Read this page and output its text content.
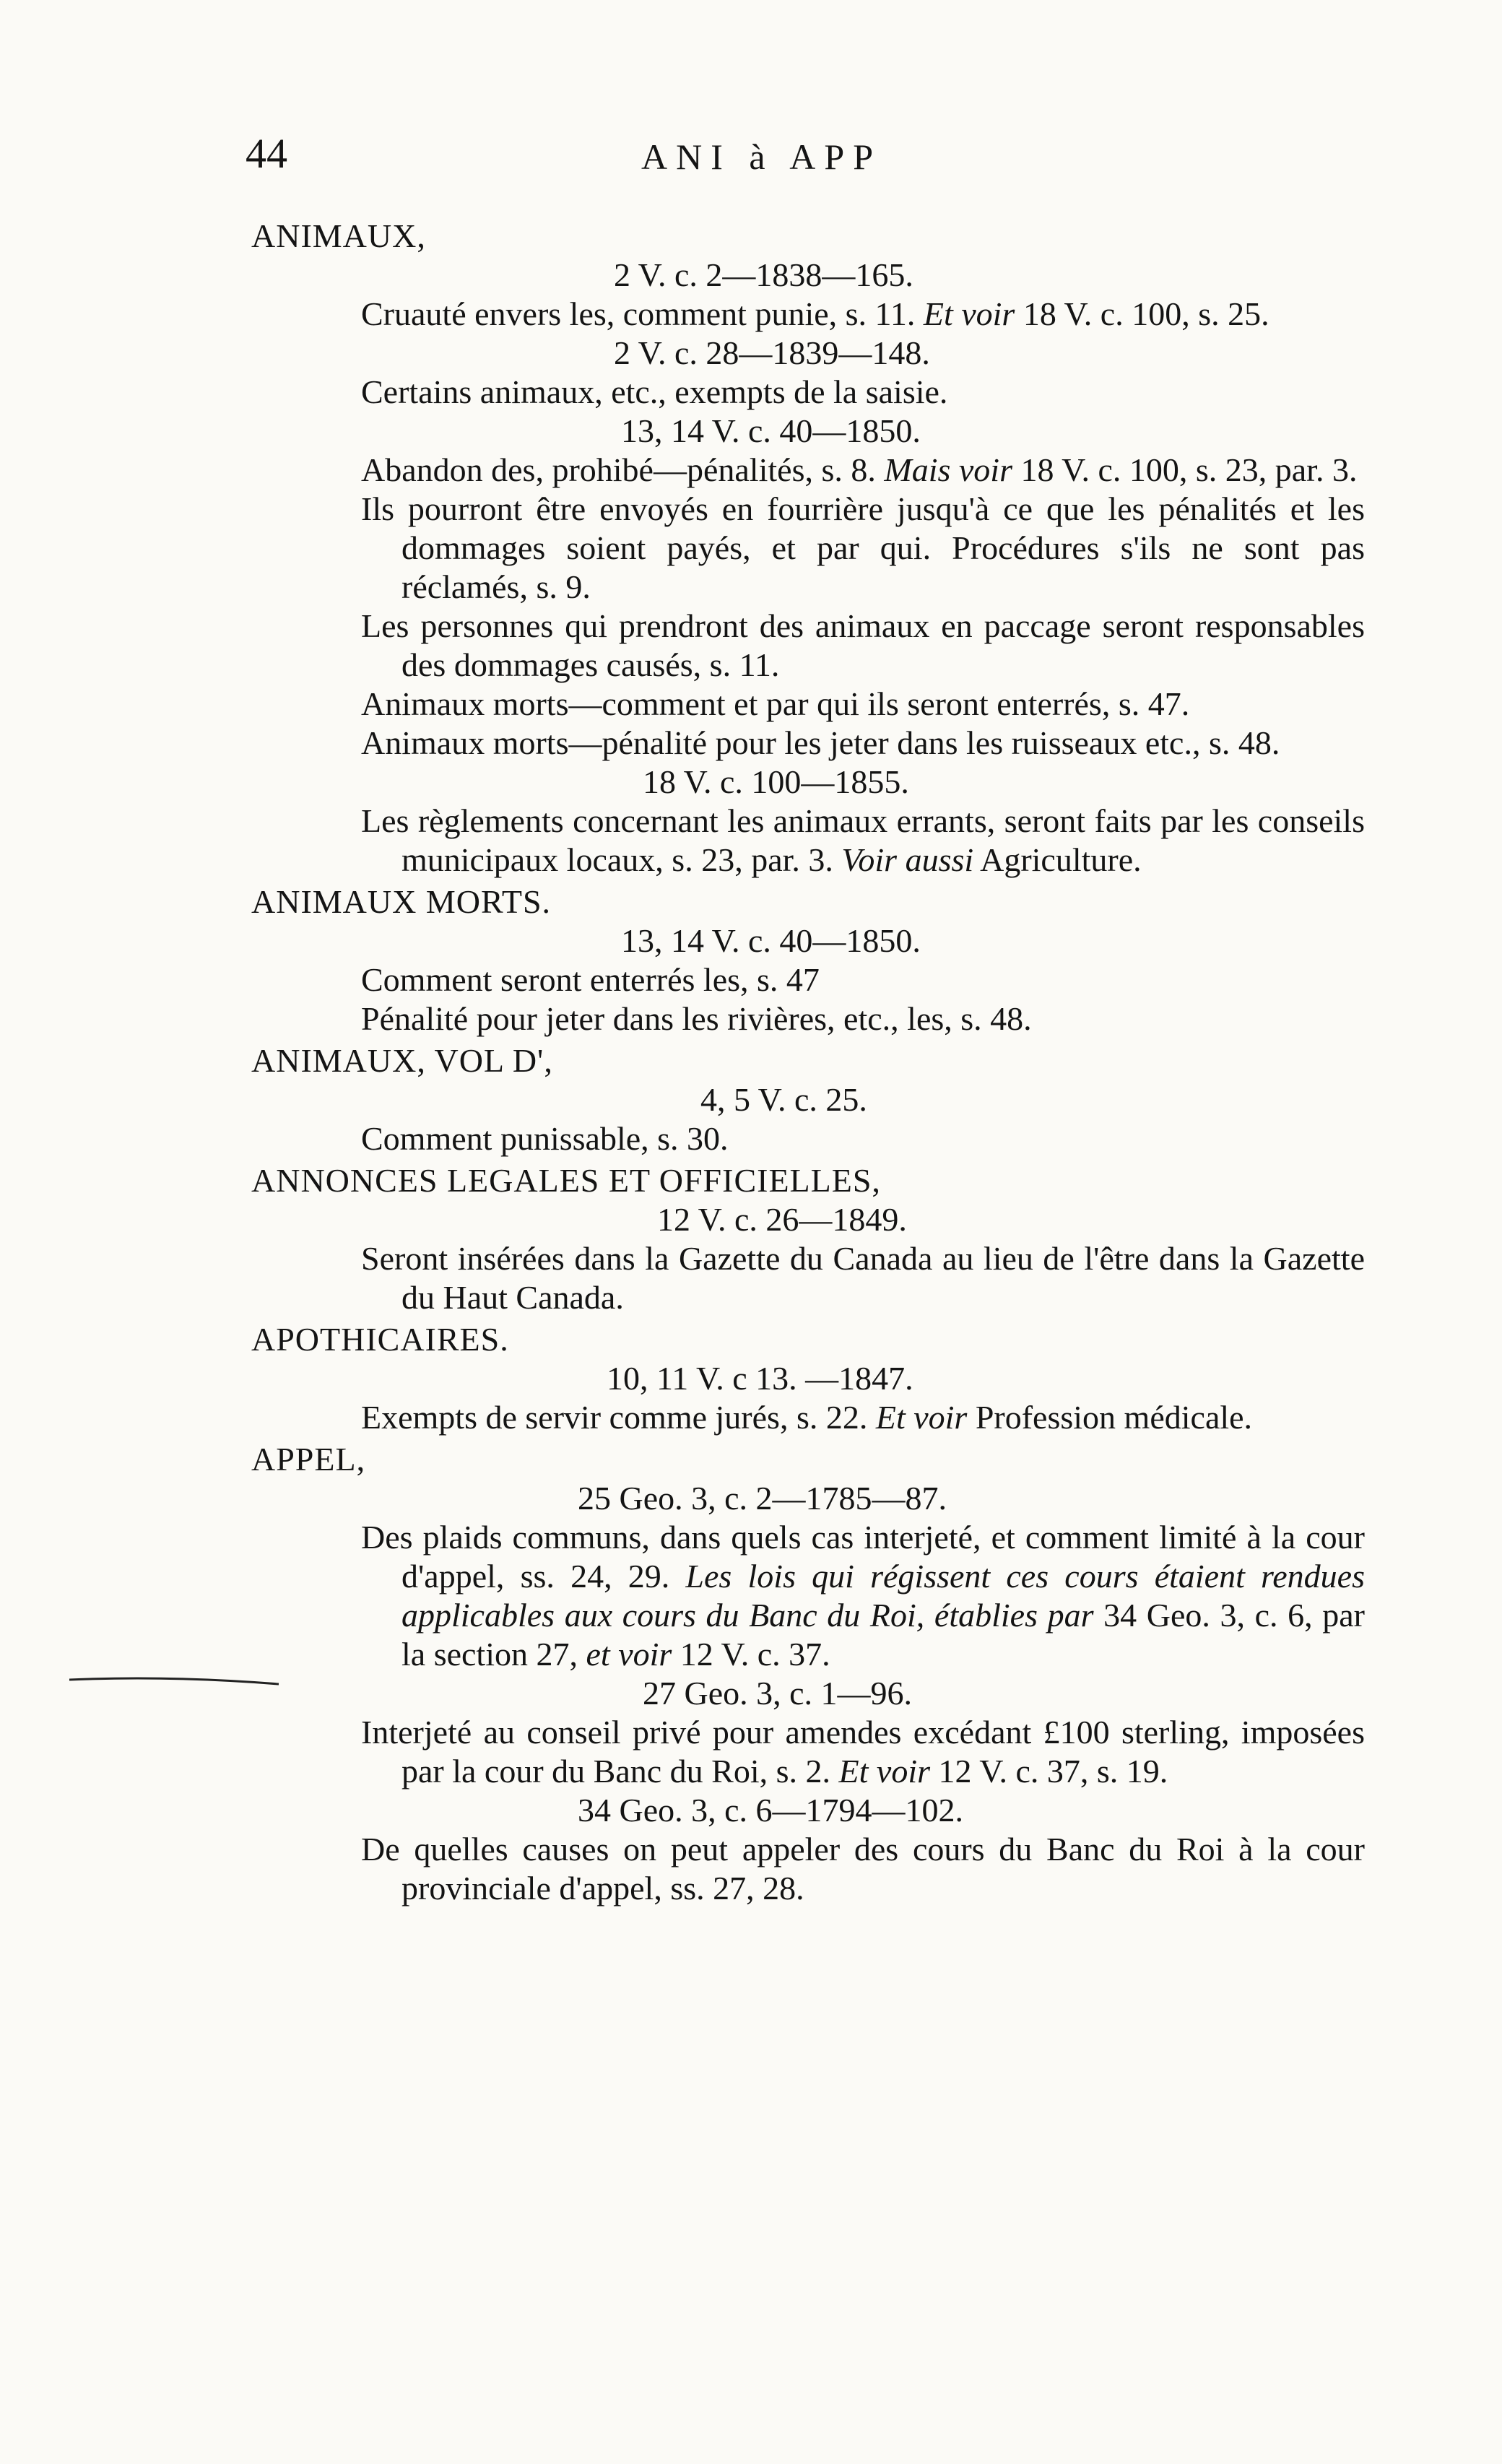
44	ANI à APP

ANIMAUX,

2 V. c. 2—1838—165.

Cruauté envers les, comment punie, s. 11. Et voir 18 V. c. 100, s. 25.

2 V. c. 28—1839—148.

Certains animaux, etc., exempts de la saisie.

13, 14 V. c. 40—1850.

Abandon des, prohibé—pénalités, s. 8. Mais voir 18 V. c. 100, s. 23, par. 3.

Ils pourront être envoyés en fourrière jusqu'à ce que les pénalités et les dommages soient payés, et par qui. Procédures s'ils ne sont pas réclamés, s. 9.

Les personnes qui prendront des animaux en paccage seront responsables des dommages causés, s. 11.

Animaux morts—comment et par qui ils seront enterrés, s. 47.

Animaux morts—pénalité pour les jeter dans les ruisseaux etc., s. 48.

18 V. c. 100—1855.

Les règlements concernant les animaux errants, seront faits par les conseils municipaux locaux, s. 23, par. 3. Voir aussi Agriculture.

ANIMAUX MORTS.

13, 14 V. c. 40—1850.

Comment seront enterrés les, s. 47

Pénalité pour jeter dans les rivières, etc., les, s. 48.

ANIMAUX, VOL D',

4, 5 V. c. 25.

Comment punissable, s. 30.

ANNONCES LEGALES ET OFFICIELLES,

12 V. c. 26—1849.

Seront insérées dans la Gazette du Canada au lieu de l'être dans la Gazette du Haut Canada.

APOTHICAIRES.

10, 11 V. c 13. —1847.

Exempts de servir comme jurés, s. 22. Et voir Profession médicale.

APPEL,

25 Geo. 3, c. 2—1785—87.

Des plaids communs, dans quels cas interjeté, et comment limité à la cour d'appel, ss. 24, 29. Les lois qui régissent ces cours étaient rendues applicables aux cours du Banc du Roi, établies par 34 Geo. 3, c. 6, par la section 27, et voir 12 V. c. 37.

27 Geo. 3, c. 1—96.

Interjeté au conseil privé pour amendes excédant £100 sterling, imposées par la cour du Banc du Roi, s. 2. Et voir 12 V. c. 37, s. 19.

34 Geo. 3, c. 6—1794—102.

De quelles causes on peut appeler des cours du Banc du Roi à la cour provinciale d'appel, ss. 27, 28.
